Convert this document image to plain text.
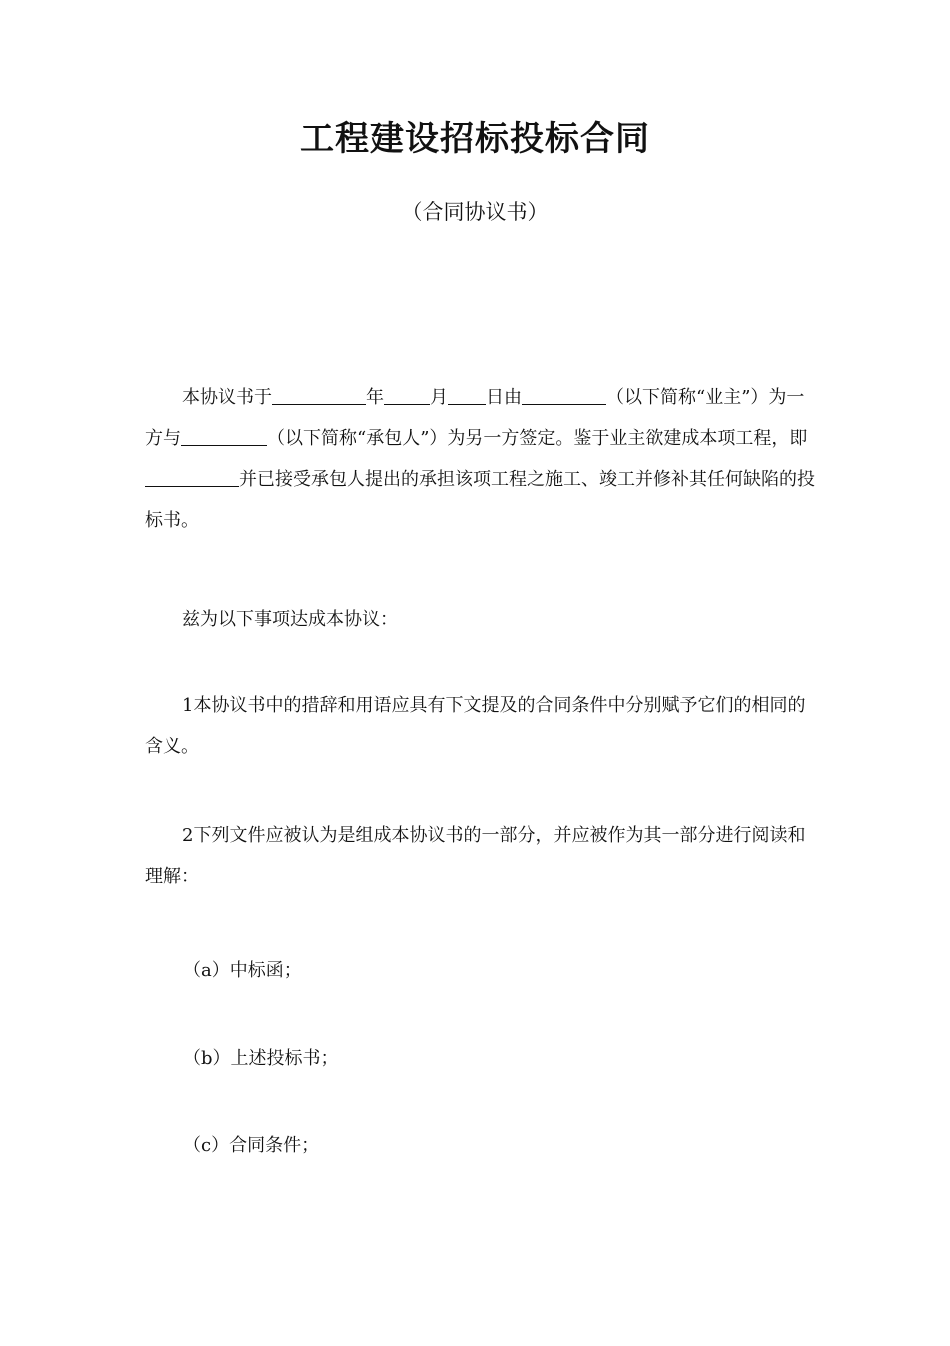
工程建设招标投标合同
（合同协议书）
本协议书于	年	月 日由	（以下简称“业主”）为一方与	（以下简称“承包人”）为另一方签定。鉴于业主欲建成本项工程，即并已接受承包人提出的承担该项工程之施工、竣工并修补其任何缺陷的投标书。
兹为以下事项达成本协议：
1本协议书中的措辞和用语应具有下文提及的合同条件中分别赋予它们的相同的含义。
2下列文件应被认为是组成本协议书的一部分，并应被作为其一部分进行阅读和理解：
（a）中标函；
（b）上述投标书；
（c）合同条件；
